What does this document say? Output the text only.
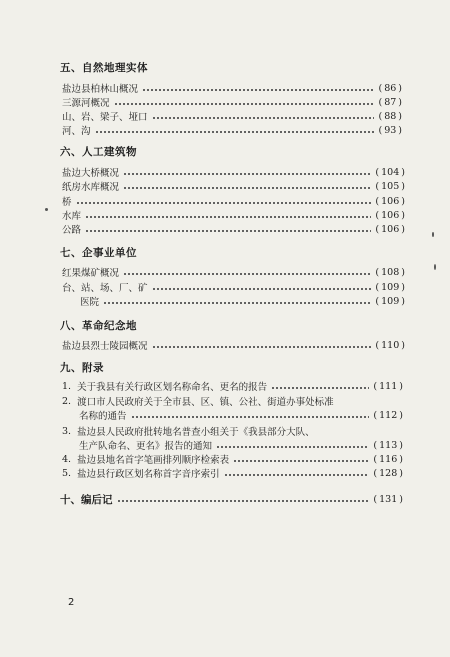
五、自然地理实体
盐边县柏林山概况	( 86 )
三源河概况	( 87 )
山、岩、梁子、垭口	( 88 )
河、沟	( 93 )
六、人工建筑物
盐边大桥概况	( 104 )
纸房水库概况	( 105 )
桥	( 106 )
水库	( 106 )
公路	( 106 )
七、企事业单位
红果煤矿概况	( 108 )
台、站、场、厂、矿	( 109 )
医院	( 109 )
八、革命纪念地
盐边县烈士陵园概况	( 110 )
九、附录
1. 关于我县有关行政区划名称命名、更名的报告	( 111 )
2. 渡口市人民政府关于全市县、区、镇、公社、街道办事处标准
名称的通告	( 112 )
3. 盐边县人民政府批转地名普查小组关于《我县部分大队、
生产队命名、更名》报告的通知	( 113 )
4. 盐边县地名首字笔画排列顺序检索表	( 116 )
5. 盐边县行政区划名称首字音序索引	( 128 )
十、编后记	( 131 )
2
